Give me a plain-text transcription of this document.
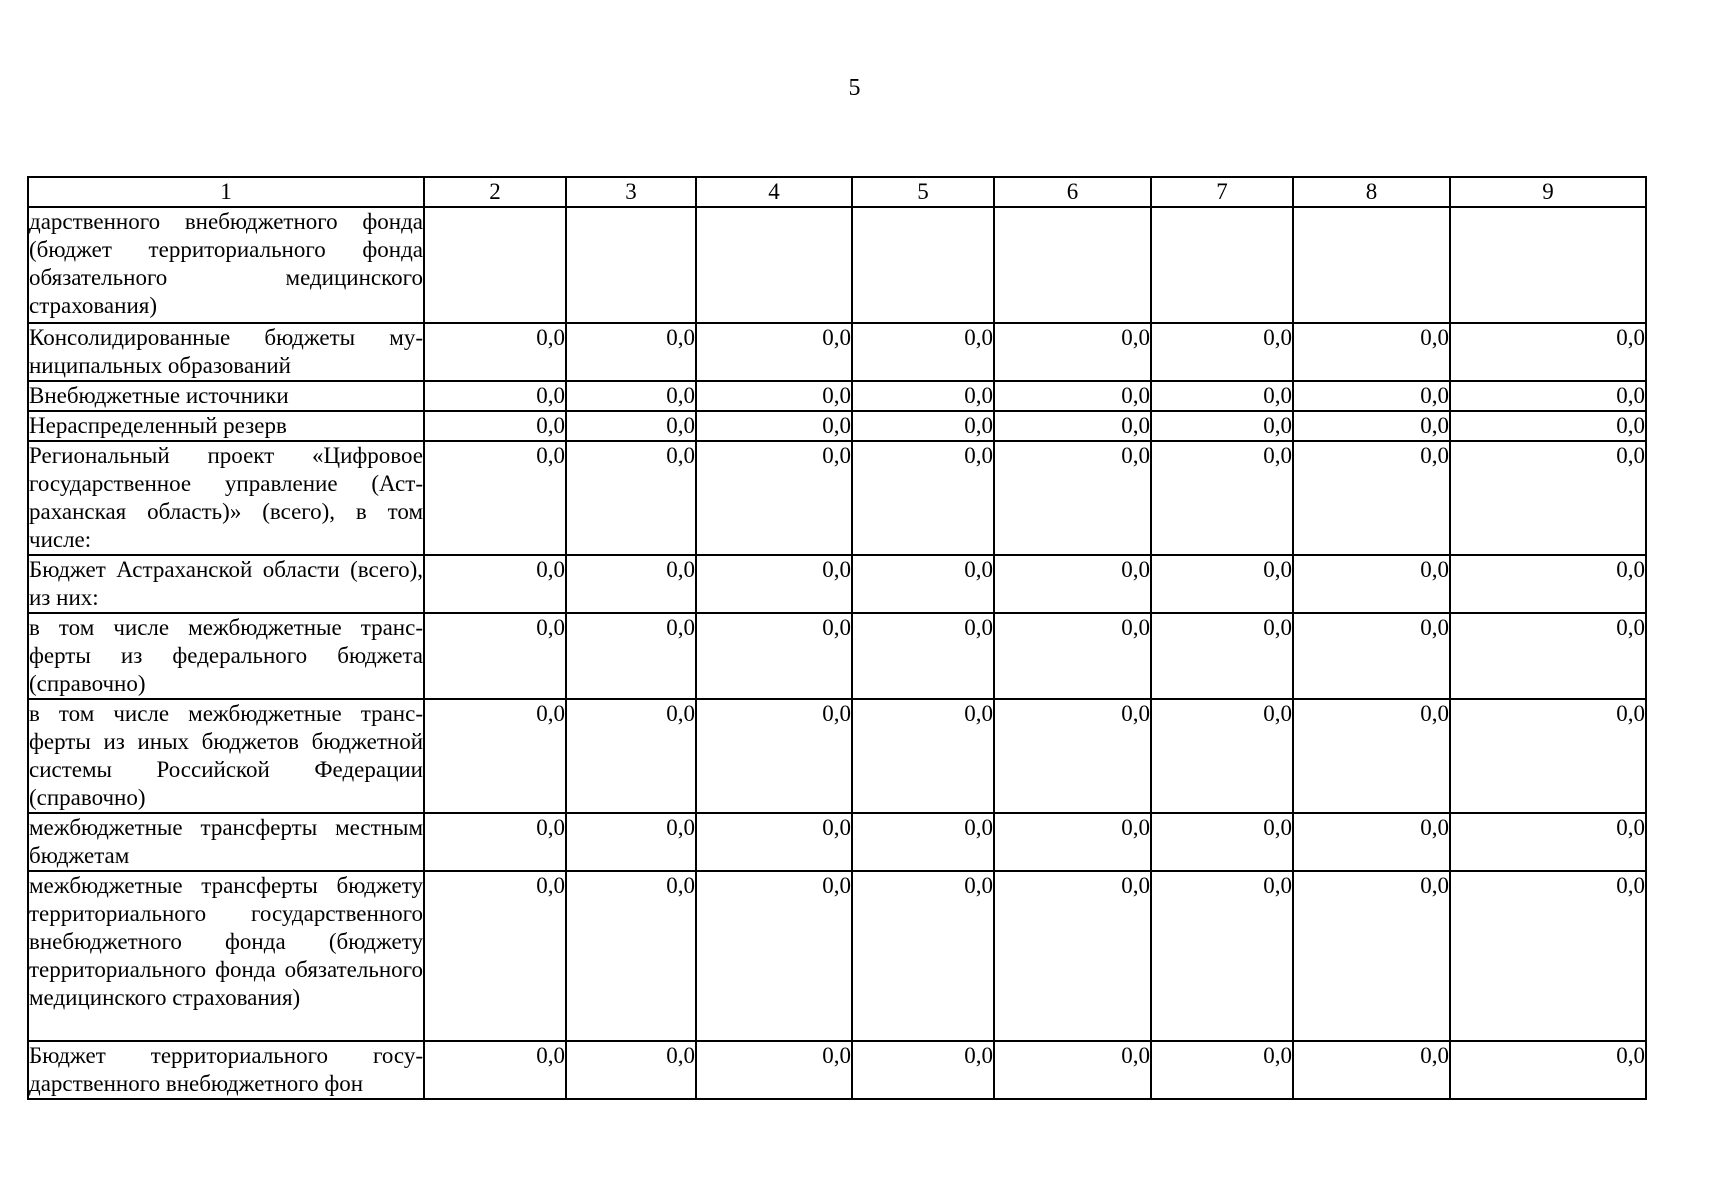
5
1	2	3	4	5	6	7	8	9
дарственного внебюджетного фонда (бюджет территориального фонда обязательного медицинского страхования)								
Консолидированные бюджеты муниципальных образований	0,0	0,0	0,0	0,0	0,0	0,0	0,0	0,0
Внебюджетные источники	0,0	0,0	0,0	0,0	0,0	0,0	0,0	0,0
Нераспределенный резерв	0,0	0,0	0,0	0,0	0,0	0,0	0,0	0,0
Региональный проект «Цифровое государственное управление (Астраханская область)» (всего), в том числе:	0,0	0,0	0,0	0,0	0,0	0,0	0,0	0,0
Бюджет Астраханской области (всего), из них:	0,0	0,0	0,0	0,0	0,0	0,0	0,0	0,0
в том числе межбюджетные трансферты из федерального бюджета (справочно)	0,0	0,0	0,0	0,0	0,0	0,0	0,0	0,0
в том числе межбюджетные трансферты из иных бюджетов бюджетной системы Российской Федерации (справочно)	0,0	0,0	0,0	0,0	0,0	0,0	0,0	0,0
межбюджетные трансферты местным бюджетам	0,0	0,0	0,0	0,0	0,0	0,0	0,0	0,0
межбюджетные трансферты бюджету территориального государственного внебюджетного фонда (бюджету территориального фонда обязательного медицинского страхования)	0,0	0,0	0,0	0,0	0,0	0,0	0,0	0,0
Бюджет территориального государственного внебюджетного фон	0,0	0,0	0,0	0,0	0,0	0,0	0,0	0,0
